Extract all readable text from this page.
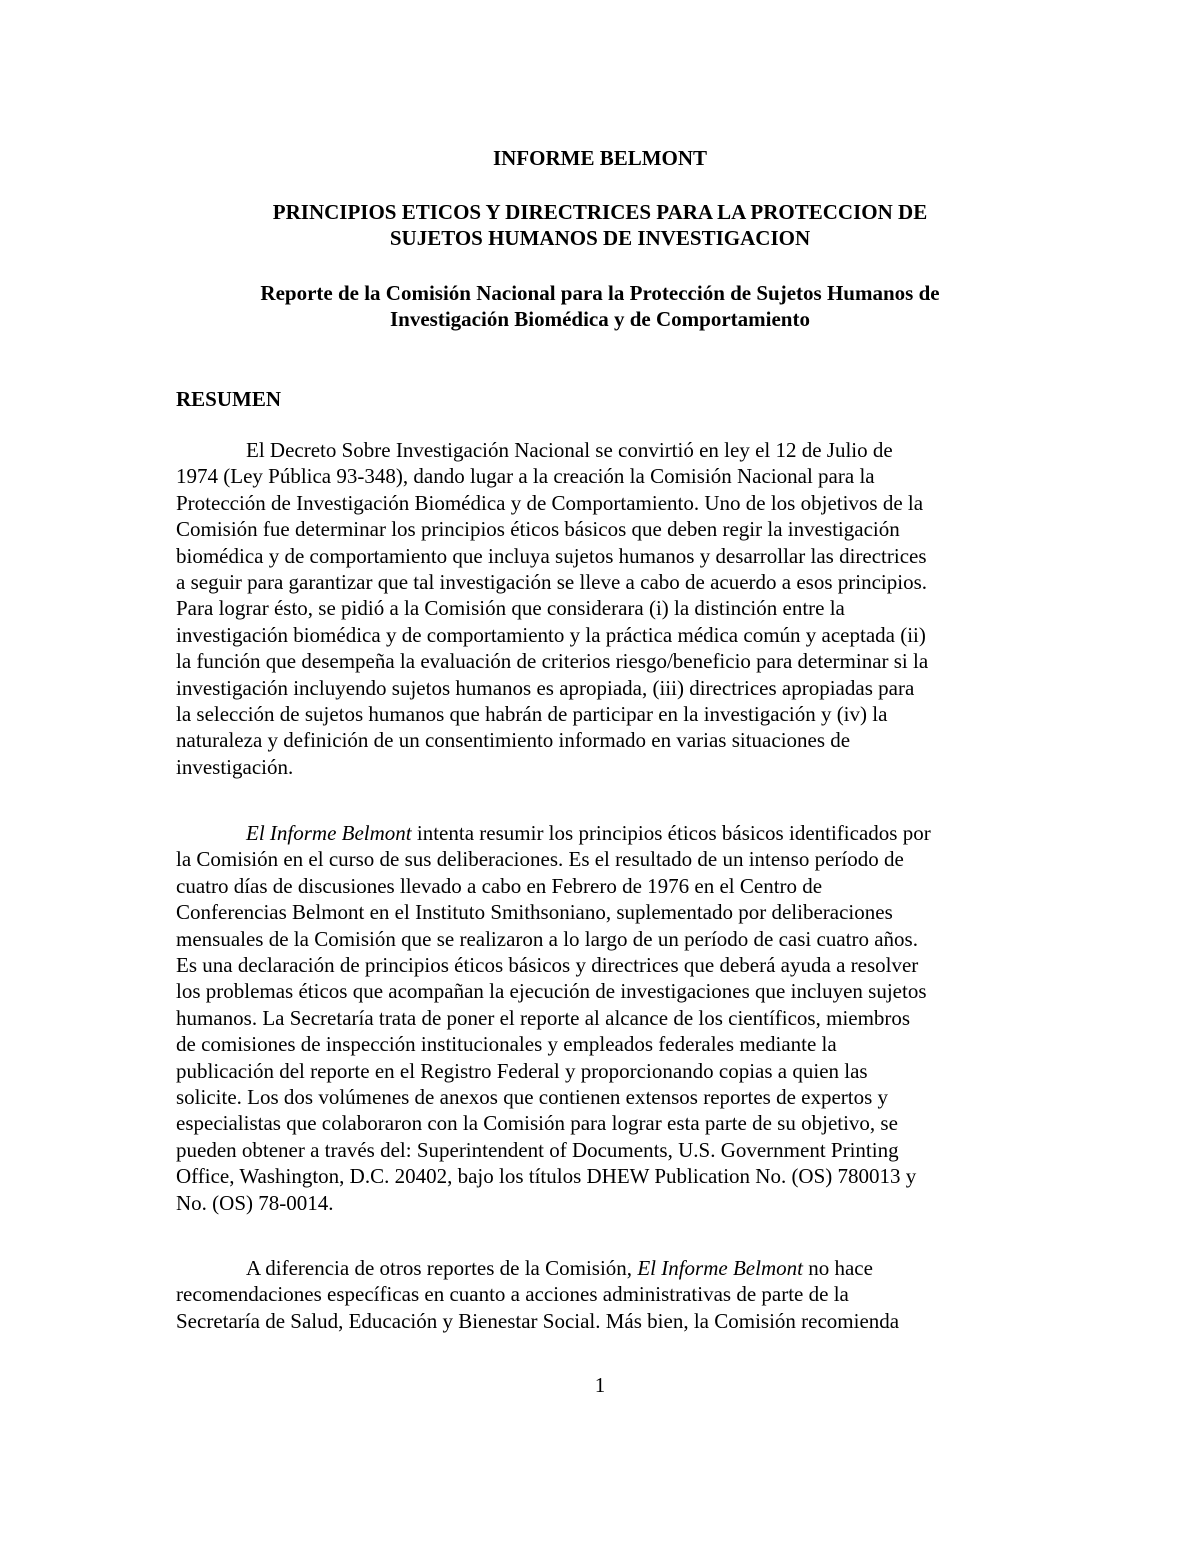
INFORME BELMONT

PRINCIPIOS ETICOS Y DIRECTRICES PARA LA PROTECCION DE
SUJETOS HUMANOS DE INVESTIGACION
Reporte de la Comisión Nacional para la Protección de Sujetos Humanos de
Investigación Biomédica y de Comportamiento

RESUMEN

El Decreto Sobre Investigación Nacional se convirtió en ley el 12 de Julio de
1974 (Ley Pública 93-348), dando lugar a la creación la Comisión Nacional para la
Protección de Investigación Biomédica y de Comportamiento. Uno de los objetivos de la
Comisión fue determinar los principios éticos básicos que deben regir la investigación
biomédica y de comportamiento que incluya sujetos humanos y desarrollar las directrices
a seguir para garantizar que tal investigación se lleve a cabo de acuerdo a esos principios.
Para lograr ésto, se pidió a la Comisión que considerara (i) la distinción entre la
investigación biomédica y de comportamiento y la práctica médica común y aceptada (ii)
la función que desempeña la evaluación de criterios riesgo/beneficio para determinar si la
investigación incluyendo sujetos humanos es apropiada, (iii) directrices apropiadas para
la selección de sujetos humanos que habrán de participar en la investigación y (iv) la
naturaleza y definición de un consentimiento informado en varias situaciones de
investigación.
El Informe Belmont intenta resumir los principios éticos básicos identificados por
la Comisión en el curso de sus deliberaciones. Es el resultado de un intenso período de
cuatro días de discusiones llevado a cabo en Febrero de 1976 en el Centro de
Conferencias Belmont en el Instituto Smithsoniano, suplementado por deliberaciones
mensuales de la Comisión que se realizaron a lo largo de un período de casi cuatro años.
Es una declaración de principios éticos básicos y directrices que deberá ayuda a resolver
los problemas éticos que acompañan la ejecución de investigaciones que incluyen sujetos
humanos. La Secretaría trata de poner el reporte al alcance de los científicos, miembros
de comisiones de inspección institucionales y empleados federales mediante la
publicación del reporte en el Registro Federal y proporcionando copias a quien las
solicite. Los dos volúmenes de anexos que contienen extensos reportes de expertos y
especialistas que colaboraron con la Comisión para lograr esta parte de su objetivo, se
pueden obtener a través del: Superintendent of Documents, U.S. Government Printing
Office, Washington, D.C. 20402, bajo los títulos DHEW Publication No. (OS) 780013 y
No. (OS) 78-0014.
A diferencia de otros reportes de la Comisión, El Informe Belmont no hace
recomendaciones específicas en cuanto a acciones administrativas de parte de la
Secretaría de Salud, Educación y Bienestar Social. Más bien, la Comisión recomienda

1
